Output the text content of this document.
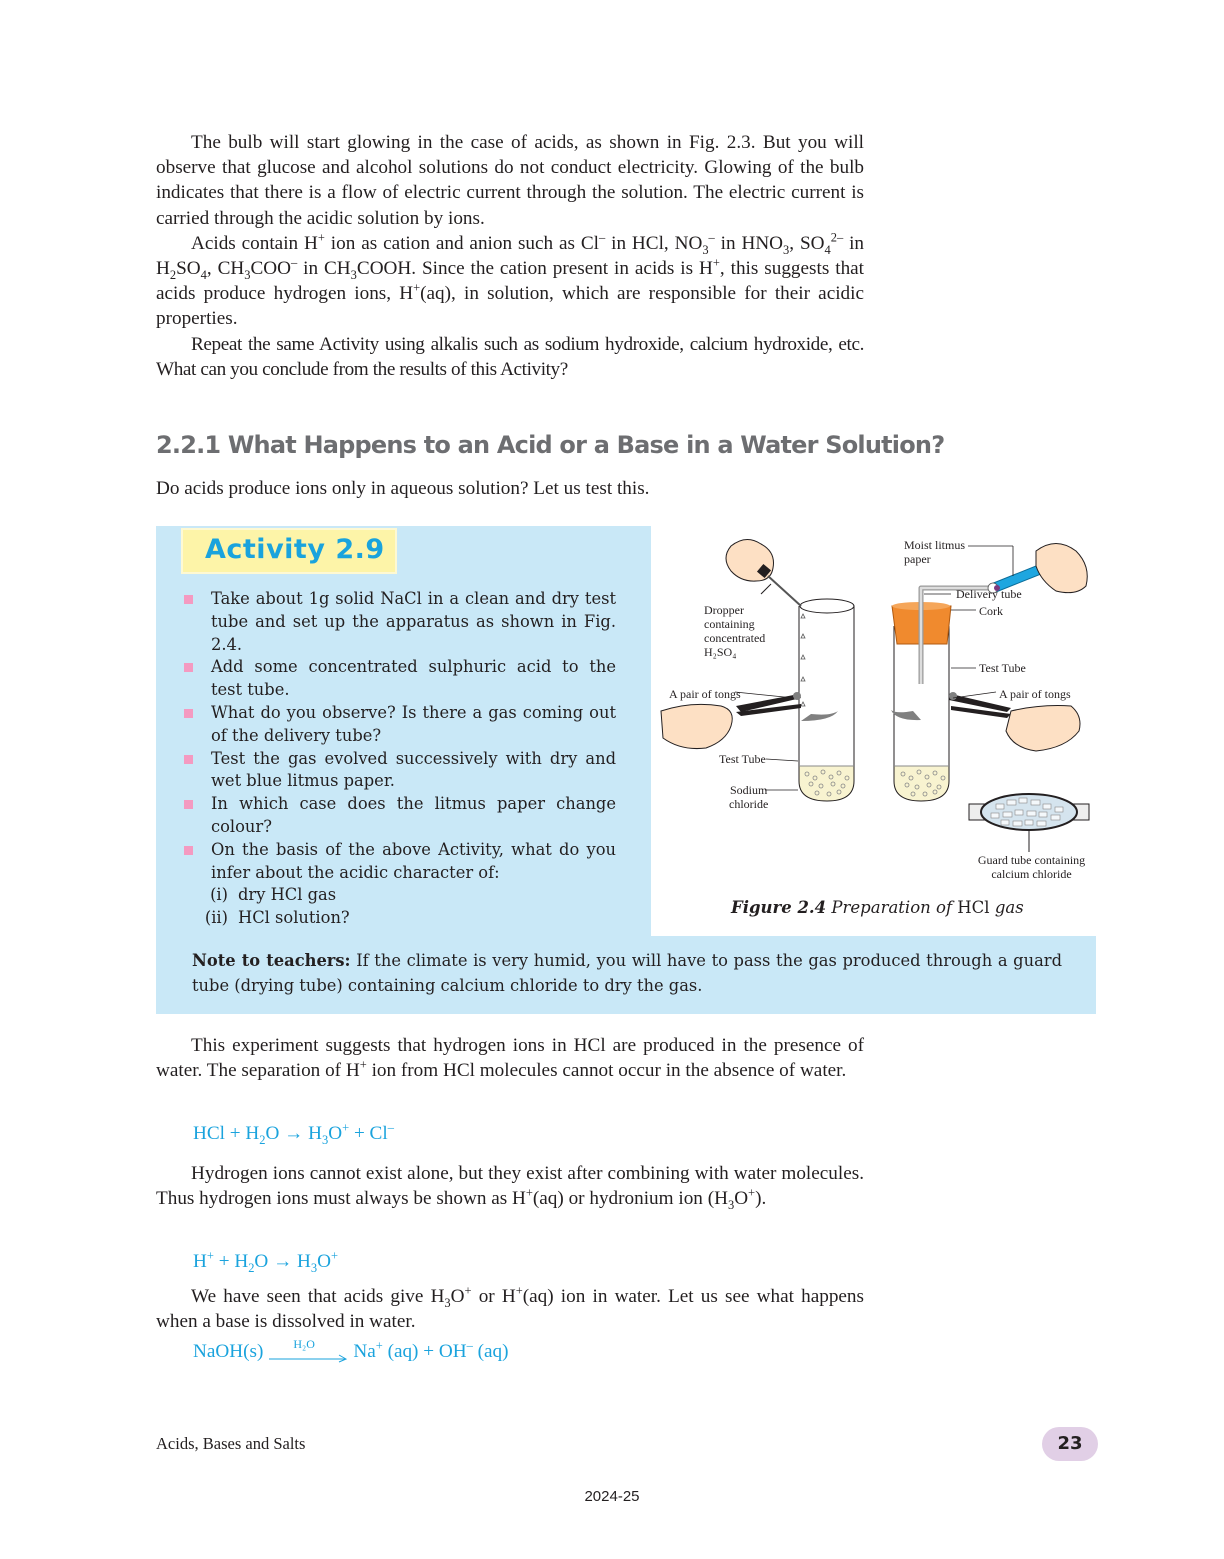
The bulb will start glowing in the case of acids, as shown in Fig. 2.3. But you will observe that glucose and alcohol solutions do not conduct electricity. Glowing of the bulb indicates that there is a flow of electric current through the solution. The electric current is carried through the acidic solution by ions.

Acids contain H+ ion as cation and anion such as Cl– in HCl, $NO_3^-$ in $HNO_3$, $SO_4^{2-}$ in $H_2SO_4$, $CH_3COO^-$ in $CH_3COOH$. Since the cation present in acids is H+, this suggests that acids produce hydrogen ions, H+(aq), in solution, which are responsible for their acidic properties.

Repeat the same Activity using alkalis such as sodium hydroxide, calcium hydroxide, etc. What can you conclude from the results of this Activity?

2.2.1 What Happens to an Acid or a Base in a Water Solution?
Do acids produce ions only in aqueous solution? Let us test this.
Activity 2.9
Take about 1g solid NaCl in a clean and dry test tube and set up the apparatus as shown in Fig. 2.4.
Add some concentrated sulphuric acid to the test tube.
What do you observe? Is there a gas coming out of the delivery tube?
Test the gas evolved successively with dry and wet blue litmus paper.
In which case does the litmus paper change colour?
On the basis of the above Activity, what do you infer about the acidic character of:
(i) dry HCl gas
(ii) HCl solution?
Dropper
containing
concentrated
H₂SO₄
A pair of tongs
Test Tube
Sodium
chloride
Moist litmus
paper
Delivery tube
Cork
Test Tube
A pair of tongs
Guard tube containing
calcium chloride
Figure 2.4 Preparation of HCl gas
Note to teachers: If the climate is very humid, you will have to pass the gas produced through a guard tube (drying tube) containing calcium chloride to dry the gas.

This experiment suggests that hydrogen ions in HCl are produced in the presence of water. The separation of H+ ion from HCl molecules cannot occur in the absence of water.

HCl + $H_2O \to H_3O^+ + Cl^-$

Hydrogen ions cannot exist alone, but they exist after combining with water molecules. Thus hydrogen ions must always be shown as H+(aq) or hydronium ion $(H_3O^+)$.

$H^+ + H_2O \to H_3O^+$

We have seen that acids give $H_3O^+$ or H+(aq) ion in water. Let us see what happens when a base is dissolved in water.

NaOH(s)	H₂O Na+ (aq) + OH– (aq)
Acids, Bases and Salts	23
2024-25
